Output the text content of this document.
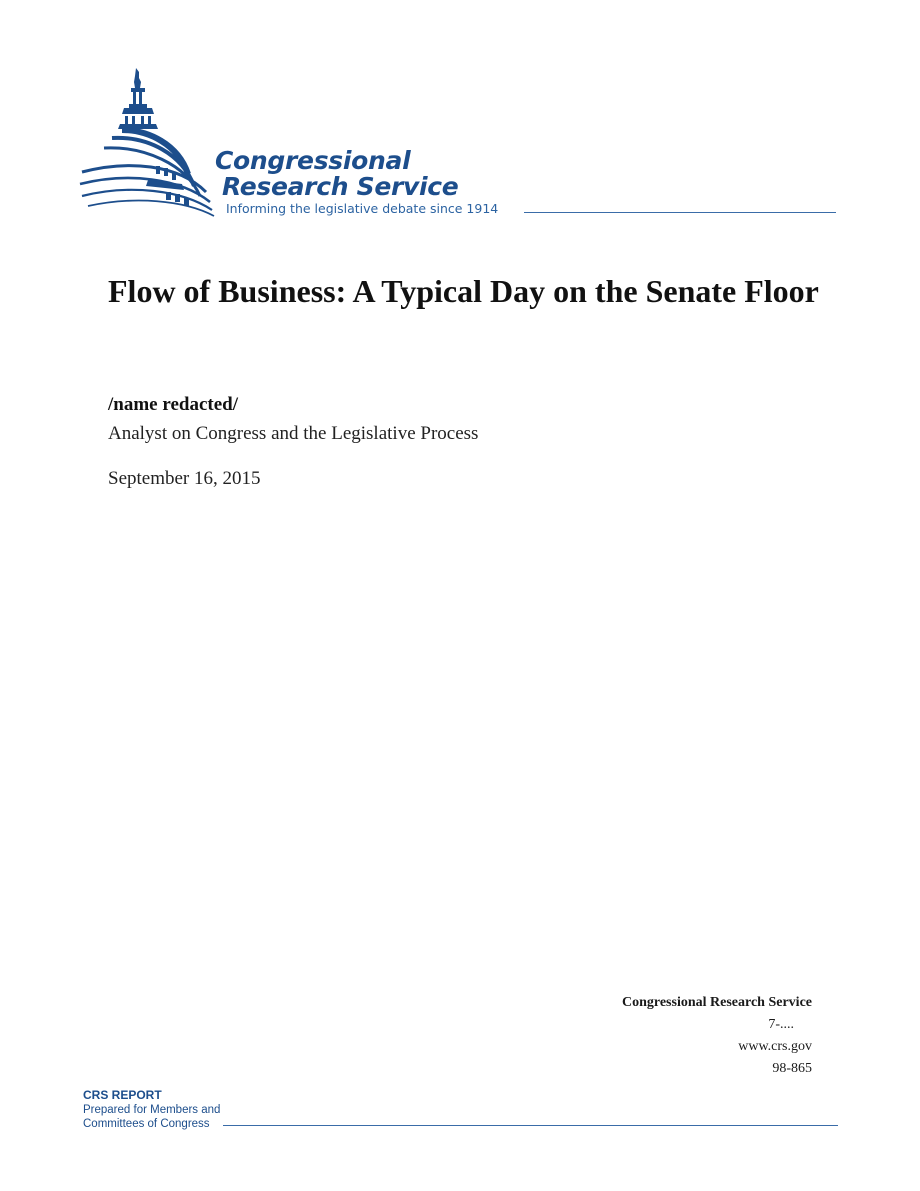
Congressional
Research Service
Informing the legislative debate since 1914
Flow of Business: A Typical Day on the Senate Floor
/name redacted/
Analyst on Congress and the Legislative Process
September 16, 2015
Congressional Research Service
7-....
www.crs.gov
98-865
CRS REPORT
Prepared for Members and
Committees of Congress
